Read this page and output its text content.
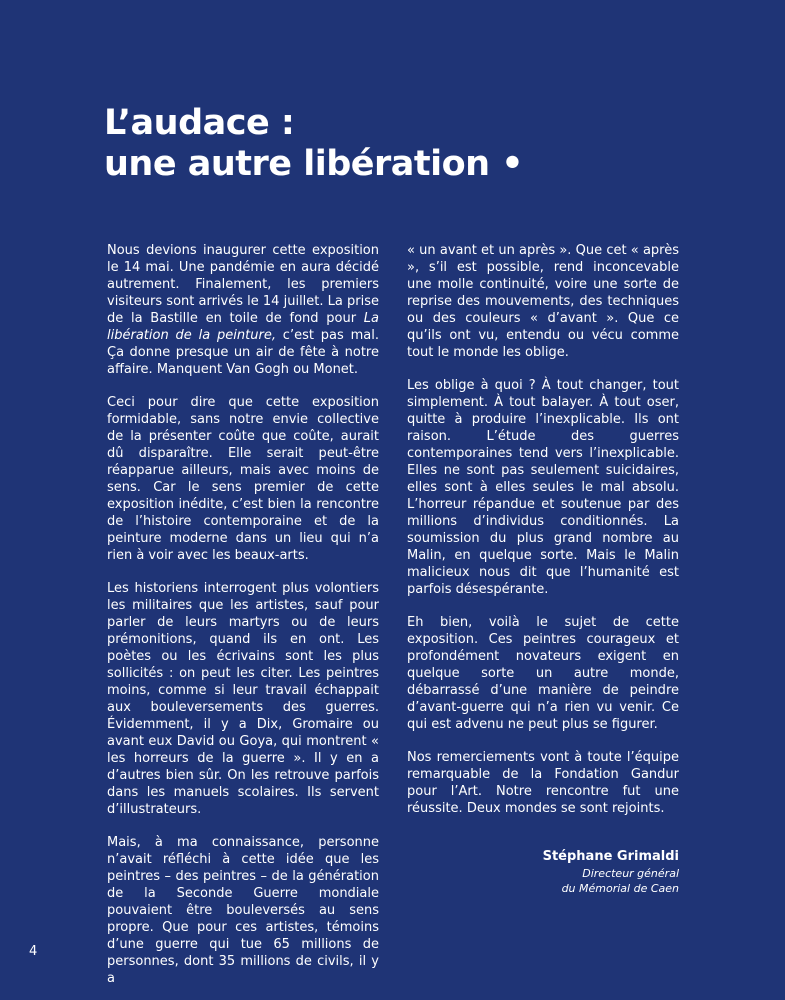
L’audace :
une autre libération •

Nous devions inaugurer cette exposition le 14 mai. Une pandémie en aura décidé autrement. Finalement, les premiers visiteurs sont arrivés le 14 juillet. La prise de la Bastille en toile de fond pour La libération de la peinture, c’est pas mal. Ça donne presque un air de fête à notre affaire. Manquent Van Gogh ou Monet.

Ceci pour dire que cette exposition formidable, sans notre envie collective de la présenter coûte que coûte, aurait dû disparaître. Elle serait peut-être réapparue ailleurs, mais avec moins de sens. Car le sens premier de cette exposition inédite, c’est bien la rencontre de l’histoire contemporaine et de la peinture moderne dans un lieu qui n’a rien à voir avec les beaux-arts.

Les historiens interrogent plus volontiers les militaires que les artistes, sauf pour parler de leurs martyrs ou de leurs prémonitions, quand ils en ont. Les poètes ou les écrivains sont les plus sollicités : on peut les citer. Les peintres moins, comme si leur travail échappait aux bouleversements des guerres. Évidemment, il y a Dix, Gromaire ou avant eux David ou Goya, qui montrent « les horreurs de la guerre ». Il y en a d’autres bien sûr. On les retrouve parfois dans les manuels scolaires. Ils servent d’illustrateurs.

Mais, à ma connaissance, personne n’avait réfléchi à cette idée que les peintres – des peintres – de la génération de la Seconde Guerre mondiale pouvaient être bouleversés au sens propre. Que pour ces artistes, témoins d’une guerre qui tue 65 millions de personnes, dont 35 millions de civils, il y a

« un avant et un après ». Que cet « après », s’il est possible, rend inconcevable une molle continuité, voire une sorte de reprise des mouvements, des techniques ou des couleurs « d’avant ». Que ce qu’ils ont vu, entendu ou vécu comme tout le monde les oblige.

Les oblige à quoi ? À tout changer, tout simplement. À tout balayer. À tout oser, quitte à produire l’inexplicable. Ils ont raison. L’étude des guerres contemporaines tend vers l’inexplicable. Elles ne sont pas seulement suicidaires, elles sont à elles seules le mal absolu. L’horreur répandue et soutenue par des millions d’individus conditionnés. La soumission du plus grand nombre au Malin, en quelque sorte. Mais le Malin malicieux nous dit que l’humanité est parfois désespérante.

Eh bien, voilà le sujet de cette exposition. Ces peintres courageux et profondément novateurs exigent en quelque sorte un autre monde, débarrassé d’une manière de peindre d’avant-guerre qui n’a rien vu venir. Ce qui est advenu ne peut plus se figurer.

Nos remerciements vont à toute l’équipe remarquable de la Fondation Gandur pour l’Art. Notre rencontre fut une réussite. Deux mondes se sont rejoints.

Stéphane Grimaldi
Directeur général
du Mémorial de Caen
4
